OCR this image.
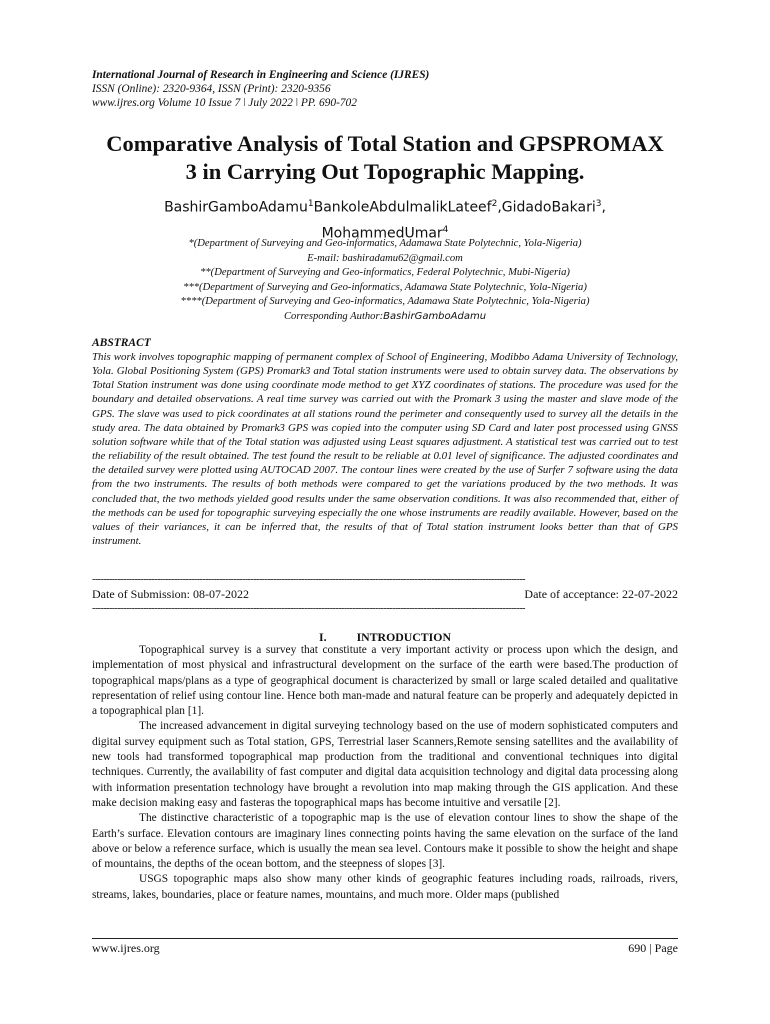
International Journal of Research in Engineering and Science (IJRES)
ISSN (Online): 2320-9364, ISSN (Print): 2320-9356
www.ijres.org Volume 10 Issue 7 ǀ July 2022 ǀ PP. 690-702
Comparative Analysis of Total Station and GPSPROMAX
3 in Carrying Out Topographic Mapping.
BashirGamboAdamu$^1$BankoleAbdulmalikLateef$^2$,GidadoBakari$^3$,
MohammedUmar$^4$
*(Department of Surveying and Geo-informatics, Adamawa State Polytechnic, Yola-Nigeria)
E-mail: bashiradamu62@gmail.com
**(Department of Surveying and Geo-informatics, Federal Polytechnic, Mubi-Nigeria)
***(Department of Surveying and Geo-informatics, Adamawa State Polytechnic, Yola-Nigeria)
****(Department of Surveying and Geo-informatics, Adamawa State Polytechnic, Yola-Nigeria)
Corresponding Author:BashirGamboAdamu
ABSTRACT
This work involves topographic mapping of permanent complex of School of Engineering, Modibbo Adama University of Technology, Yola. Global Positioning System (GPS) Promark3 and Total station instruments were used to obtain survey data. The observations by Total Station instrument was done using coordinate mode method to get XYZ coordinates of stations. The procedure was used for the boundary and detailed observations. A real time survey was carried out with the Promark 3 using the master and slave mode of the GPS. The slave was used to pick coordinates at all stations round the perimeter and consequently used to survey all the details in the study area. The data obtained by Promark3 GPS was copied into the computer using SD Card and later post processed using GNSS solution software while that of the Total station was adjusted using Least squares adjustment. A statistical test was carried out to test the reliability of the result obtained. The test found the result to be reliable at 0.01 level of significance. The adjusted coordinates and the detailed survey were plotted using AUTOCAD 2007. The contour lines were created by the use of Surfer 7 software using the data from the two instruments. The results of both methods were compared to get the variations produced by the two methods. It was concluded that, the two methods yielded good results under the same observation conditions. It was also recommended that, either of the methods can be used for topographic surveying especially the one whose instruments are readily available. However, based on the values of their variances, it can be inferred that, the results of that of Total station instrument looks better than that of GPS instrument.
---------------------------------------------------------------------------------------------------------------------------------------------------------
Date of Submission: 08-07-2022	Date of acceptance: 22-07-2022
---------------------------------------------------------------------------------------------------------------------------------------------------------
I.	INTRODUCTION

Topographical survey is a survey that constitute a very important activity or process upon which the design, and implementation of most physical and infrastructural development on the surface of the earth were based.The production of topographical maps/plans as a type of geographical document is characterized by small or large scaled detailed and qualitative representation of relief using contour line. Hence both man-made and natural feature can be properly and adequately depicted in a topographical plan [1].

The increased advancement in digital surveying technology based on the use of modern sophisticated computers and digital survey equipment such as Total station, GPS, Terrestrial laser Scanners,Remote sensing satellites and the availability of new tools had transformed topographical map production from the traditional and conventional techniques into digital techniques. Currently, the availability of fast computer and digital data acquisition technology and digital data processing along with information presentation technology have brought a revolution into map making through the GIS application. And these make decision making easy and fasteras the topographical maps has become intuitive and versatile [2].

The distinctive characteristic of a topographic map is the use of elevation contour lines to show the shape of the Earth’s surface. Elevation contours are imaginary lines connecting points having the same elevation on the surface of the land above or below a reference surface, which is usually the mean sea level. Contours make it possible to show the height and shape of mountains, the depths of the ocean bottom, and the steepness of slopes [3].

USGS topographic maps also show many other kinds of geographic features including roads, railroads, rivers, streams, lakes, boundaries, place or feature names, mountains, and much more. Older maps (published

www.ijres.org	690 | Page
